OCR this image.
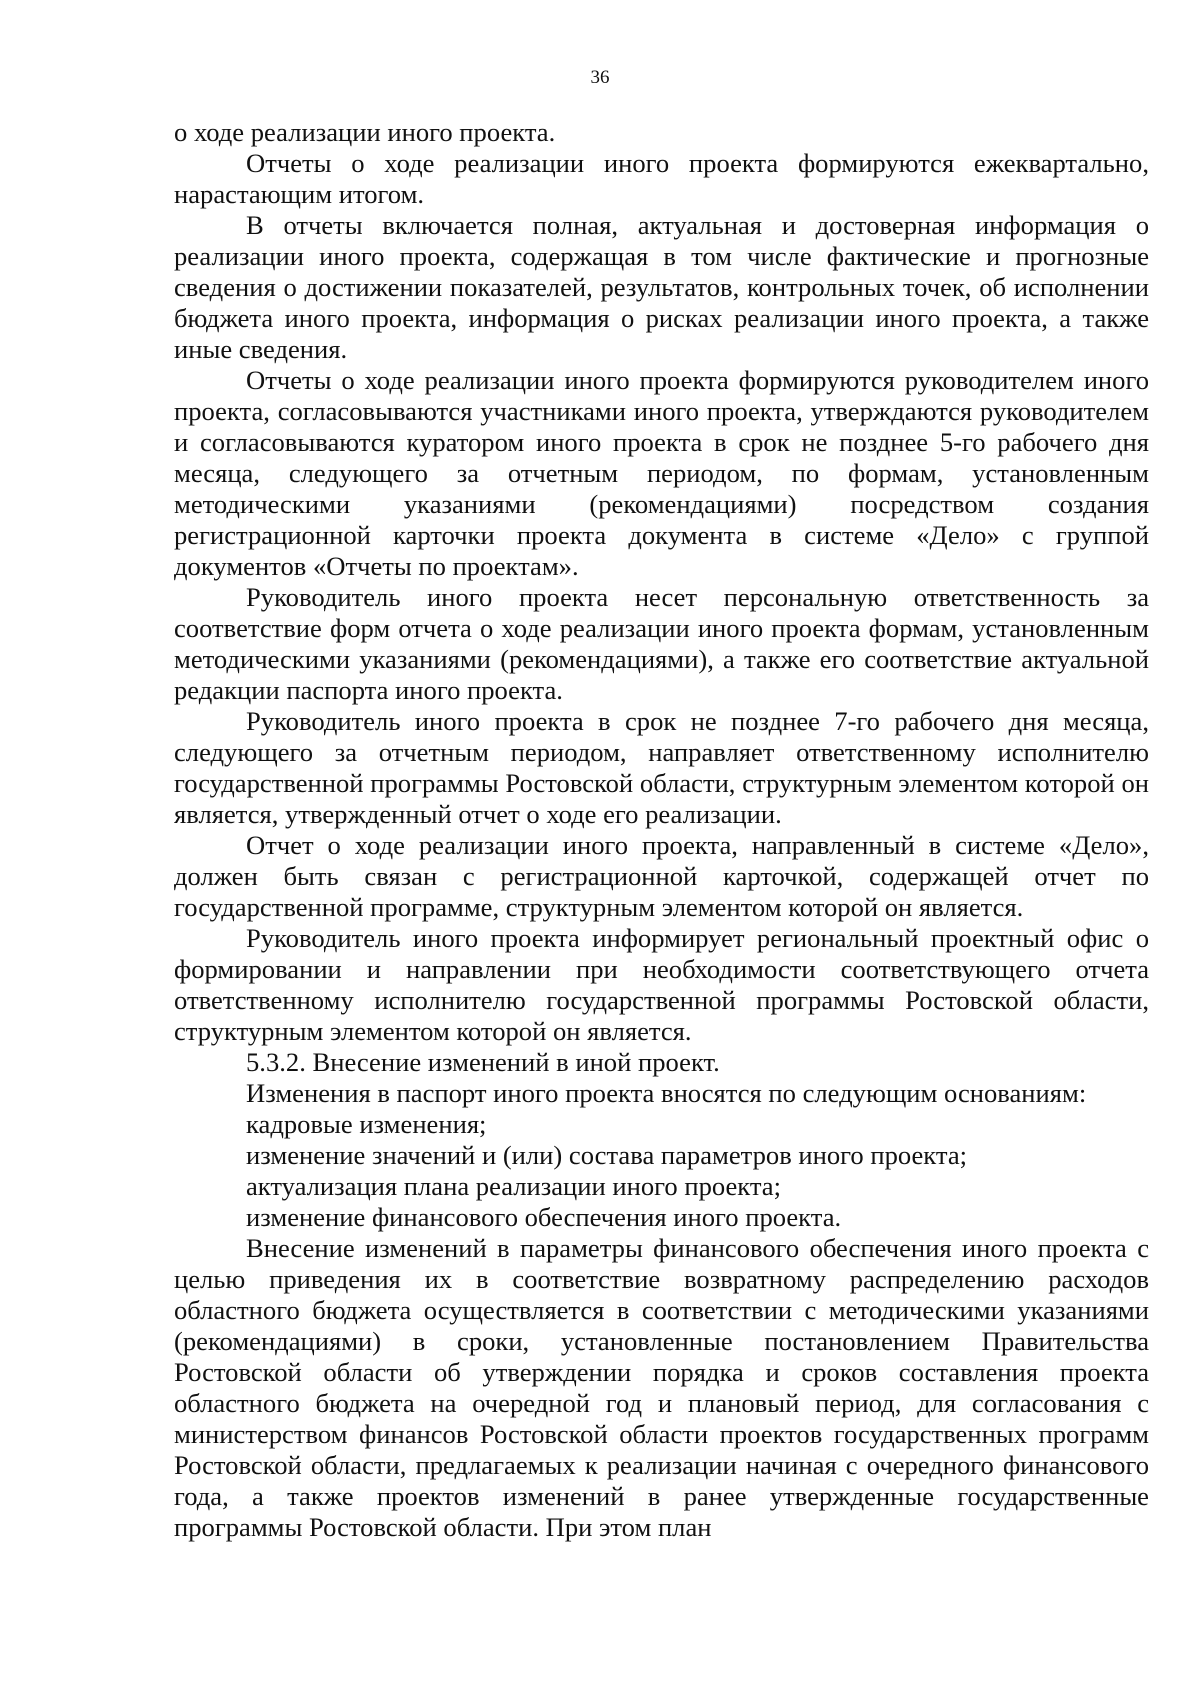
36

о ходе реализации иного проекта.

Отчеты о ходе реализации иного проекта формируются ежеквартально, нарастающим итогом.

В отчеты включается полная, актуальная и достоверная информация о реализации иного проекта, содержащая в том числе фактические и прогнозные сведения о достижении показателей, результатов, контрольных точек, об исполнении бюджета иного проекта, информация о рисках реализации иного проекта, а также иные сведения.

Отчеты о ходе реализации иного проекта формируются руководителем иного проекта, согласовываются участниками иного проекта, утверждаются руководителем и согласовываются куратором иного проекта в срок не позднее 5-го рабочего дня месяца, следующего за отчетным периодом, по формам, установленным методическими указаниями (рекомендациями) посредством создания регистрационной карточки проекта документа в системе «Дело» с группой документов «Отчеты по проектам».

Руководитель иного проекта несет персональную ответственность за соответствие форм отчета о ходе реализации иного проекта формам, установленным методическими указаниями (рекомендациями), а также его соответствие актуальной редакции паспорта иного проекта.

Руководитель иного проекта в срок не позднее 7-го рабочего дня месяца, следующего за отчетным периодом, направляет ответственному исполнителю государственной программы Ростовской области, структурным элементом которой он является, утвержденный отчет о ходе его реализации.

Отчет о ходе реализации иного проекта, направленный в системе «Дело», должен быть связан с регистрационной карточкой, содержащей отчет по государственной программе, структурным элементом которой он является.

Руководитель иного проекта информирует региональный проектный офис о формировании и направлении при необходимости соответствующего отчета ответственному исполнителю государственной программы Ростовской области, структурным элементом которой он является.

5.3.2. Внесение изменений в иной проект.

Изменения в паспорт иного проекта вносятся по следующим основаниям:

кадровые изменения;

изменение значений и (или) состава параметров иного проекта;

актуализация плана реализации иного проекта;

изменение финансового обеспечения иного проекта.

Внесение изменений в параметры финансового обеспечения иного проекта с целью приведения их в соответствие возвратному распределению расходов областного бюджета осуществляется в соответствии с методическими указаниями (рекомендациями) в сроки, установленные постановлением Правительства Ростовской области об утверждении порядка и сроков составления проекта областного бюджета на очередной год и плановый период, для согласования с министерством финансов Ростовской области проектов государственных программ Ростовской области, предлагаемых к реализации начиная с очередного финансового года, а также проектов изменений в ранее утвержденные государственные программы Ростовской области. При этом план
